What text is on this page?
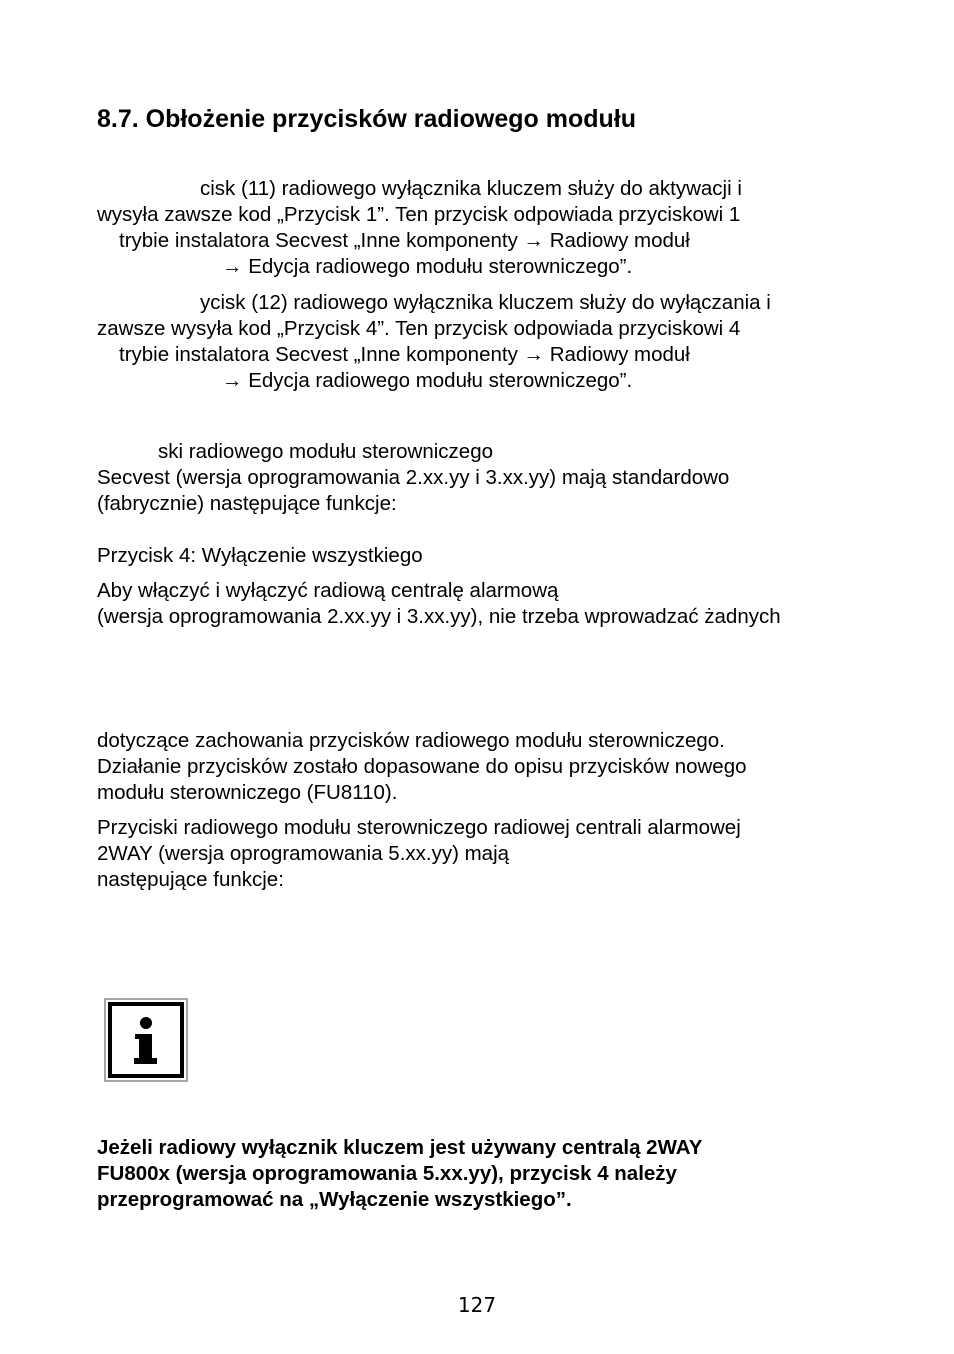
8.7. Obłożenie przycisków radiowego modułu
cisk (11) radiowego wyłącznika kluczem służy do aktywacji i
wysyła zawsze kod „Przycisk 1”. Ten przycisk odpowiada przyciskowi 1
trybie instalatora Secvest „Inne komponenty → Radiowy moduł
→ Edycja radiowego modułu sterowniczego”.
ycisk (12) radiowego wyłącznika kluczem służy do wyłączania i
zawsze wysyła kod „Przycisk 4”. Ten przycisk odpowiada przyciskowi 4
trybie instalatora Secvest „Inne komponenty → Radiowy moduł
→ Edycja radiowego modułu sterowniczego”.
ski radiowego modułu sterowniczego
Secvest (wersja oprogramowania 2.xx.yy i 3.xx.yy) mają standardowo
(fabrycznie) następujące funkcje:
Przycisk 4: Wyłączenie wszystkiego
Aby włączyć i wyłączyć radiową centralę alarmową
(wersja oprogramowania 2.xx.yy i 3.xx.yy), nie trzeba wprowadzać żadnych
dotyczące zachowania przycisków radiowego modułu sterowniczego.
Działanie przycisków zostało dopasowane do opisu przycisków nowego
modułu sterowniczego (FU8110).
Przyciski radiowego modułu sterowniczego radiowej centrali alarmowej
2WAY (wersja oprogramowania 5.xx.yy) mają
następujące funkcje:
Jeżeli radiowy wyłącznik kluczem jest używany centralą 2WAY
FU800x (wersja oprogramowania 5.xx.yy), przycisk 4 należy
przeprogramować na „Wyłączenie wszystkiego”.
127
